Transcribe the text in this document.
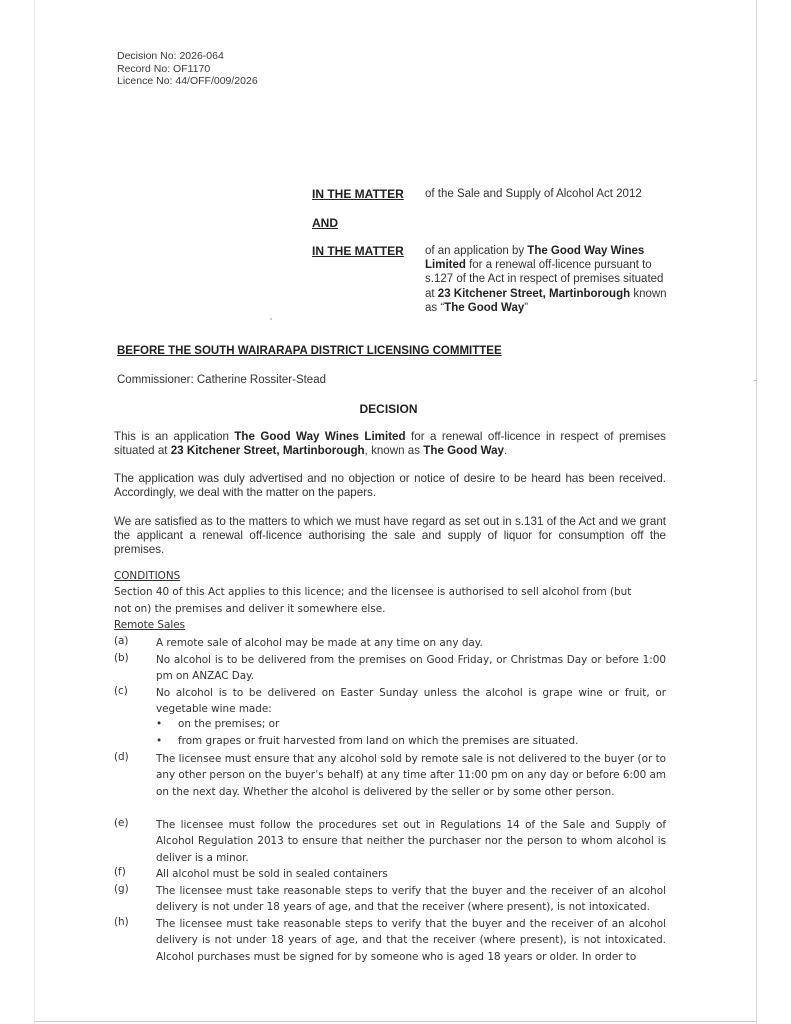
Decision No: 2026-064
Record No: OF1170
Licence No: 44/OFF/009/2026
IN THE MATTER of the Sale and Supply of Alcohol Act 2012
AND
IN THE MATTER of an application by The Good Way Wines Limited for a renewal off-licence pursuant to s.127 of the Act in respect of premises situated at 23 Kitchener Street, Martinborough known as “The Good Way”
BEFORE THE SOUTH WAIRARAPA DISTRICT LICENSING COMMITTEE
Commissioner: Catherine Rossiter-Stead
DECISION
This is an application The Good Way Wines Limited for a renewal off-licence in respect of premises situated at 23 Kitchener Street, Martinborough, known as The Good Way.
The application was duly advertised and no objection or notice of desire to be heard has been received. Accordingly, we deal with the matter on the papers.
We are satisfied as to the matters to which we must have regard as set out in s.131 of the Act and we grant the applicant a renewal off-licence authorising the sale and supply of liquor for consumption off the premises.
CONDITIONS
Section 40 of this Act applies to this licence; and the licensee is authorised to sell alcohol from (but
not on) the premises and deliver it somewhere else.
Remote Sales
(a)	A remote sale of alcohol may be made at any time on any day.
(b)	No alcohol is to be delivered from the premises on Good Friday, or Christmas Day or before 1:00 pm on ANZAC Day.
(c)	No alcohol is to be delivered on Easter Sunday unless the alcohol is grape wine or fruit, or vegetable wine made:
• on the premises; or
• from grapes or fruit harvested from land on which the premises are situated.
(d)	The licensee must ensure that any alcohol sold by remote sale is not delivered to the buyer (or to any other person on the buyer’s behalf) at any time after 11:00 pm on any day or before 6:00 am on the next day. Whether the alcohol is delivered by the seller or by some other person.
(e)	The licensee must follow the procedures set out in Regulations 14 of the Sale and Supply of Alcohol Regulation 2013 to ensure that neither the purchaser nor the person to whom alcohol is deliver is a minor.
(f)	All alcohol must be sold in sealed containers
(g)	The licensee must take reasonable steps to verify that the buyer and the receiver of an alcohol delivery is not under 18 years of age, and that the receiver (where present), is not intoxicated.
(h)	The licensee must take reasonable steps to verify that the buyer and the receiver of an alcohol delivery is not under 18 years of age, and that the receiver (where present), is not intoxicated. Alcohol purchases must be signed for by someone who is aged 18 years or older. In order to
